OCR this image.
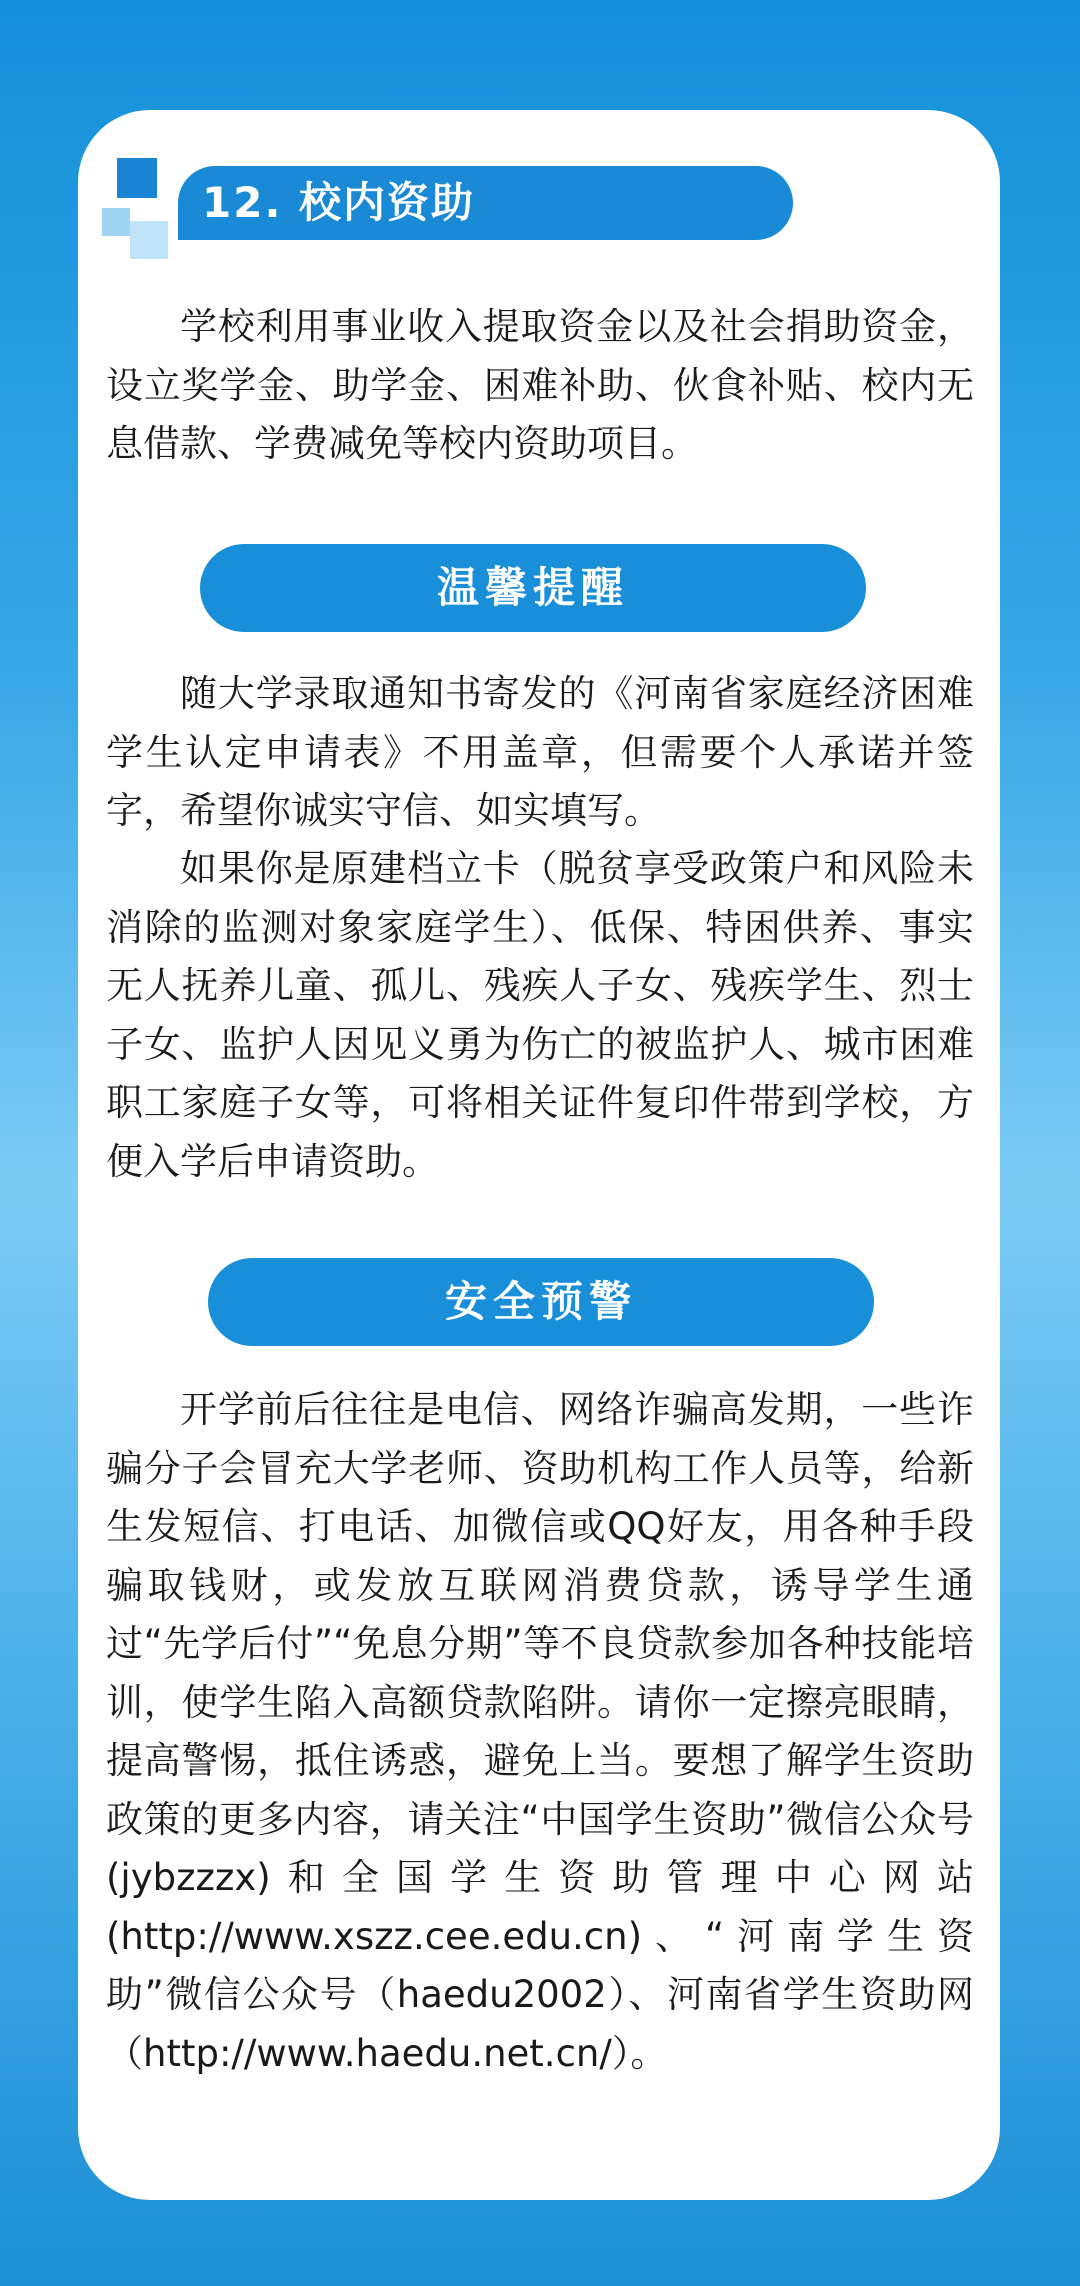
12. 校内资助

学校利用事业收入提取资金以及社会捐助资金，设立奖学金、助学金、困难补助、伙食补贴、校内无息借款、学费减免等校内资助项目。

温馨提醒

随大学录取通知书寄发的《河南省家庭经济困难学生认定申请表》不用盖章，但需要个人承诺并签字，希望你诚实守信、如实填写。

如果你是原建档立卡（脱贫享受政策户和风险未消除的监测对象家庭学生）、低保、特困供养、事实无人抚养儿童、孤儿、残疾人子女、残疾学生、烈士子女、监护人因见义勇为伤亡的被监护人、城市困难职工家庭子女等，可将相关证件复印件带到学校，方便入学后申请资助。

安全预警

开学前后往往是电信、网络诈骗高发期，一些诈骗分子会冒充大学老师、资助机构工作人员等，给新生发短信、打电话、加微信或QQ好友，用各种手段骗取钱财，或发放互联网消费贷款，诱导学生通过“先学后付”“免息分期”等不良贷款参加各种技能培训，使学生陷入高额贷款陷阱。请你一定擦亮眼睛，提高警惕，抵住诱惑，避免上当。要想了解学生资助政策的更多内容，请关注“中国学生资助”微信公众号(jybzzzx)和全国学生资助管理中心网站(http://www.xszz.cee.edu.cn)、“河南学生资助”微信公众号（haedu2002）、河南省学生资助网（http://www.haedu.net.cn/）。
